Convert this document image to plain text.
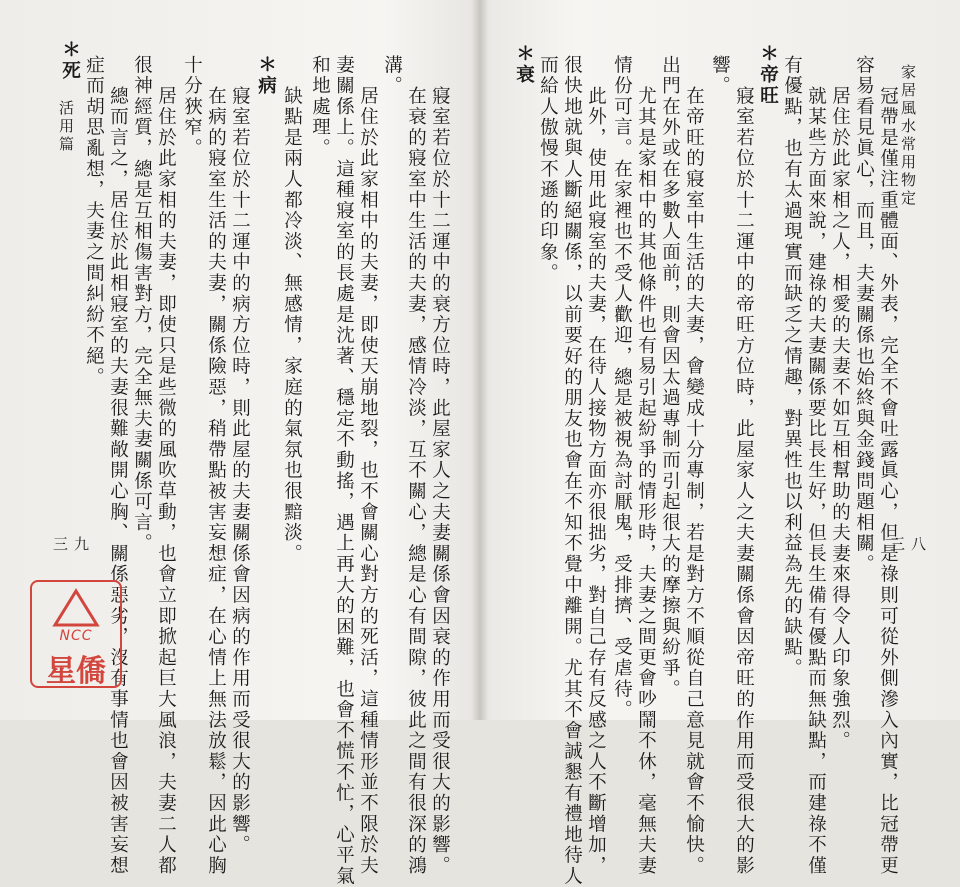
活用篇	寢室若位於十二運中的衰方位時，此屋家人之夫妻關係會因衰的作用而受很大的影響。
在衰的寢室中生活的夫妻，感情冷淡，互不關心，總是心有間隙，彼此之間有很深的鴻
溝。
居住於此家相中的夫妻，即使天崩地裂，也不會關心對方的死活，這種情形並不限於夫
妻關係上。這種寢室的長處是沈著、穩定不動搖，遇上再大的困難，也會不慌不忙，心平氣
和地處理。
缺點是兩人都冷淡、無感情，家庭的氣氛也很黯淡。
＊病
寢室若位於十二運中的病方位時，則此屋的夫妻關係會因病的作用而受很大的影響。
在病的寢室生活的夫妻，關係險惡，稍帶點被害妄想症，在心情上無法放鬆，因此心胸
十分狹窄。
居住於此家相的夫妻，即使只是些微的風吹草動，也會立即掀起巨大風浪，夫妻二人都
很神經質，總是互相傷害對方，完全無夫妻關係可言。
總而言之，居住於此相寢室的夫妻很難敞開心胸、關係惡劣，沒有事情也會因被害妄想
症而胡思亂想，夫妻之間糾紛不絕。
＊死
三九
家居風水常用物定
冠帶是僅注重體面、外表，完全不會吐露眞心，但是祿則可從外側滲入內實，比冠帶更
容易看見眞心，而且，夫妻關係也始終與金錢問題相關。
居住於此家相之人，相愛的夫妻不如互相幫助的夫妻來得令人印象強烈。
就某些方面來說，建祿的夫妻關係要比長生好，但長生備有優點而無缺點，而建祿不僅
有優點，也有太過現實而缺乏之情趣，對異性也以利益為先的缺點。
＊帝旺
寢室若位於十二運中的帝旺方位時，此屋家人之夫妻關係會因帝旺的作用而受很大的影
響。
在帝旺的寢室中生活的夫妻，會變成十分專制，若是對方不順從自己意見就會不愉快。
出門在外或在多數人面前，則會因太過專制而引起很大的摩擦與紛爭。
尤其是家相中的其他條件也有易引起紛爭的情形時，夫妻之間更會吵鬧不休，毫無夫妻
情份可言。在家裡也不受人歡迎，總是被視為討厭鬼，受排擠、受虐待。
此外，使用此寢室的夫妻，在待人接物方面亦很拙劣，對自己存有反感之人不斷增加，
很快地就與人斷絕關係，以前要好的朋友也會在不知不覺中離開。尤其不會誠懇有禮地待人
而給人傲慢不遜的印象。
＊衰
三八
NCC
星僑
